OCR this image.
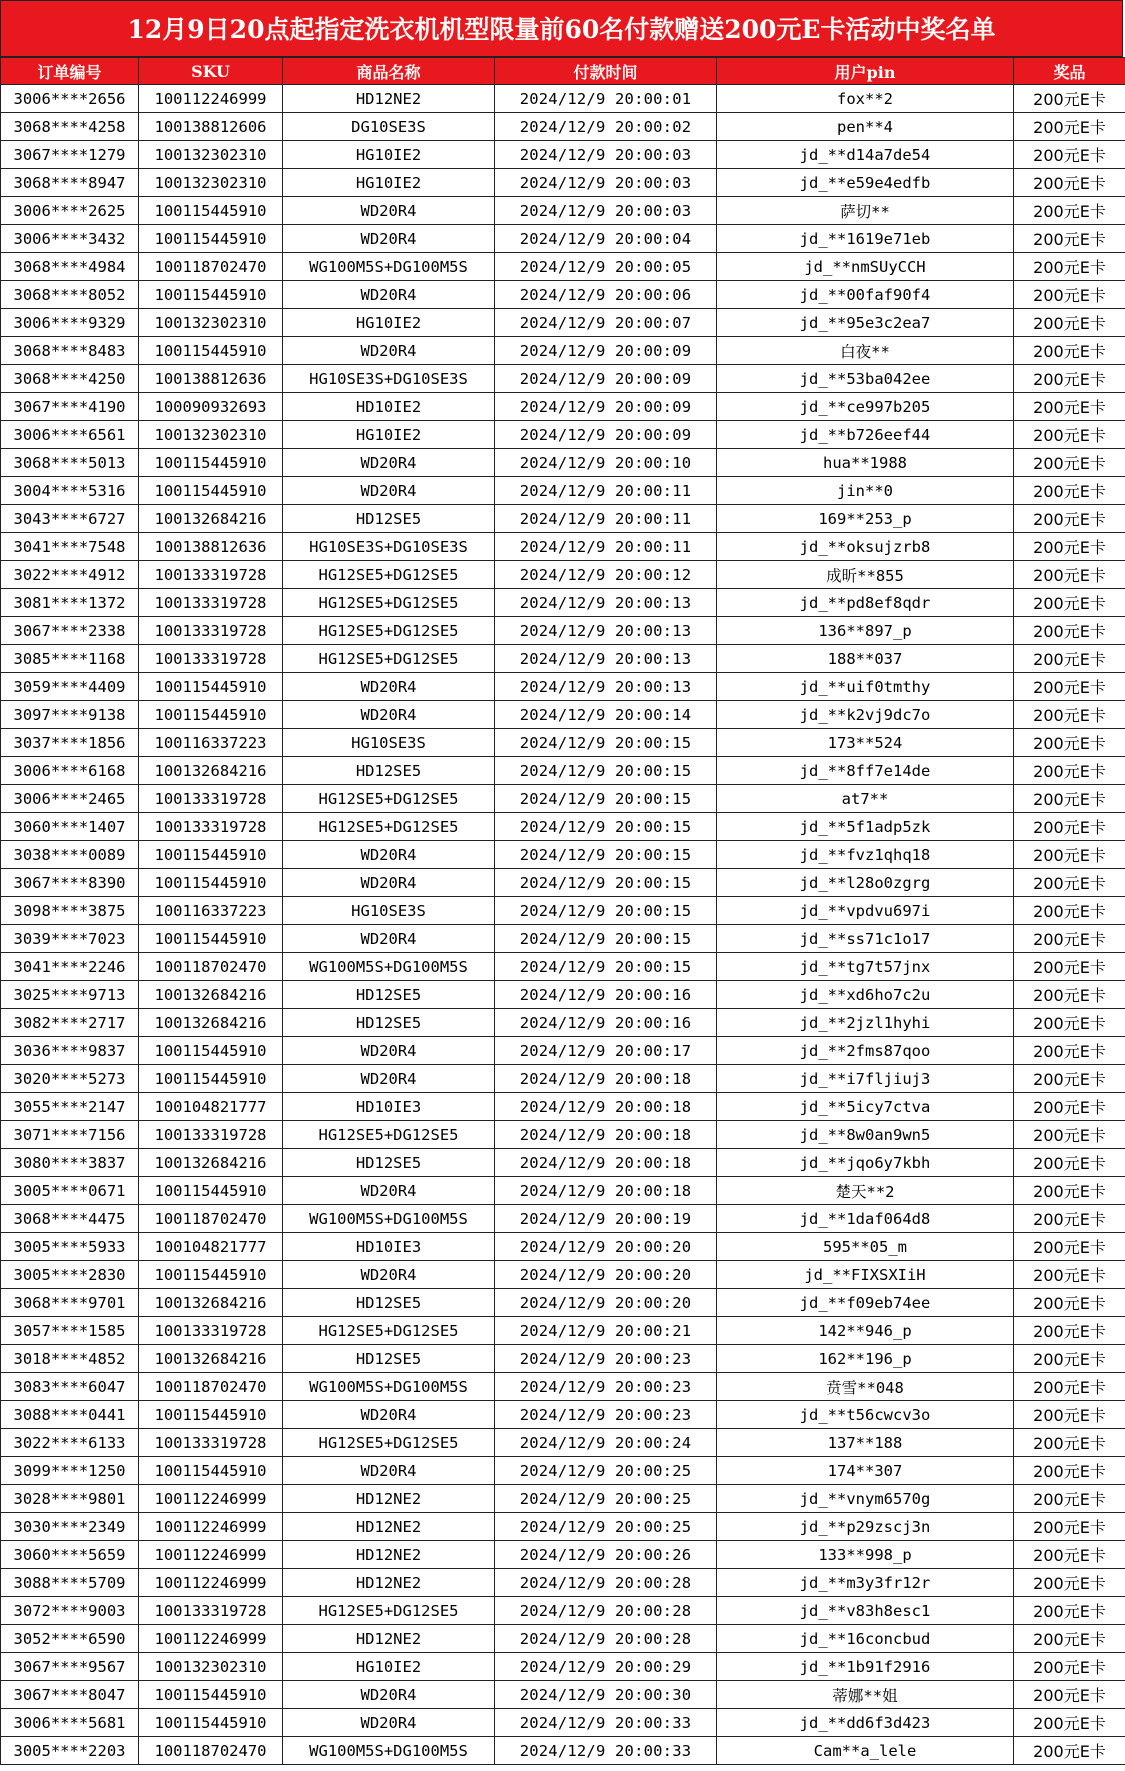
12月9日20点起指定洗衣机机型限量前60名付款赠送200元E卡活动中奖名单
订单编号	SKU	商品名称	付款时间	用户pin	奖品
3006****2656	100112246999	HD12NE2	2024/12/9 20:00:01	fox**2	200元E卡
3068****4258	100138812606	DG10SE3S	2024/12/9 20:00:02	pen**4	200元E卡
3067****1279	100132302310	HG10IE2	2024/12/9 20:00:03	jd_**d14a7de54	200元E卡
3068****8947	100132302310	HG10IE2	2024/12/9 20:00:03	jd_**e59e4edfb	200元E卡
3006****2625	100115445910	WD20R4	2024/12/9 20:00:03	萨切**	200元E卡
3006****3432	100115445910	WD20R4	2024/12/9 20:00:04	jd_**1619e71eb	200元E卡
3068****4984	100118702470	WG100M5S+DG100M5S	2024/12/9 20:00:05	jd_**nmSUyCCH	200元E卡
3068****8052	100115445910	WD20R4	2024/12/9 20:00:06	jd_**00faf90f4	200元E卡
3006****9329	100132302310	HG10IE2	2024/12/9 20:00:07	jd_**95e3c2ea7	200元E卡
3068****8483	100115445910	WD20R4	2024/12/9 20:00:09	白夜**	200元E卡
3068****4250	100138812636	HG10SE3S+DG10SE3S	2024/12/9 20:00:09	jd_**53ba042ee	200元E卡
3067****4190	100090932693	HD10IE2	2024/12/9 20:00:09	jd_**ce997b205	200元E卡
3006****6561	100132302310	HG10IE2	2024/12/9 20:00:09	jd_**b726eef44	200元E卡
3068****5013	100115445910	WD20R4	2024/12/9 20:00:10	hua**1988	200元E卡
3004****5316	100115445910	WD20R4	2024/12/9 20:00:11	jin**0	200元E卡
3043****6727	100132684216	HD12SE5	2024/12/9 20:00:11	169**253_p	200元E卡
3041****7548	100138812636	HG10SE3S+DG10SE3S	2024/12/9 20:00:11	jd_**oksujzrb8	200元E卡
3022****4912	100133319728	HG12SE5+DG12SE5	2024/12/9 20:00:12	成昕**855	200元E卡
3081****1372	100133319728	HG12SE5+DG12SE5	2024/12/9 20:00:13	jd_**pd8ef8qdr	200元E卡
3067****2338	100133319728	HG12SE5+DG12SE5	2024/12/9 20:00:13	136**897_p	200元E卡
3085****1168	100133319728	HG12SE5+DG12SE5	2024/12/9 20:00:13	188**037	200元E卡
3059****4409	100115445910	WD20R4	2024/12/9 20:00:13	jd_**uif0tmthy	200元E卡
3097****9138	100115445910	WD20R4	2024/12/9 20:00:14	jd_**k2vj9dc7o	200元E卡
3037****1856	100116337223	HG10SE3S	2024/12/9 20:00:15	173**524	200元E卡
3006****6168	100132684216	HD12SE5	2024/12/9 20:00:15	jd_**8ff7e14de	200元E卡
3006****2465	100133319728	HG12SE5+DG12SE5	2024/12/9 20:00:15	at7**	200元E卡
3060****1407	100133319728	HG12SE5+DG12SE5	2024/12/9 20:00:15	jd_**5f1adp5zk	200元E卡
3038****0089	100115445910	WD20R4	2024/12/9 20:00:15	jd_**fvz1qhq18	200元E卡
3067****8390	100115445910	WD20R4	2024/12/9 20:00:15	jd_**l28o0zgrg	200元E卡
3098****3875	100116337223	HG10SE3S	2024/12/9 20:00:15	jd_**vpdvu697i	200元E卡
3039****7023	100115445910	WD20R4	2024/12/9 20:00:15	jd_**ss71c1o17	200元E卡
3041****2246	100118702470	WG100M5S+DG100M5S	2024/12/9 20:00:15	jd_**tg7t57jnx	200元E卡
3025****9713	100132684216	HD12SE5	2024/12/9 20:00:16	jd_**xd6ho7c2u	200元E卡
3082****2717	100132684216	HD12SE5	2024/12/9 20:00:16	jd_**2jzl1hyhi	200元E卡
3036****9837	100115445910	WD20R4	2024/12/9 20:00:17	jd_**2fms87qoo	200元E卡
3020****5273	100115445910	WD20R4	2024/12/9 20:00:18	jd_**i7fljiuj3	200元E卡
3055****2147	100104821777	HD10IE3	2024/12/9 20:00:18	jd_**5icy7ctva	200元E卡
3071****7156	100133319728	HG12SE5+DG12SE5	2024/12/9 20:00:18	jd_**8w0an9wn5	200元E卡
3080****3837	100132684216	HD12SE5	2024/12/9 20:00:18	jd_**jqo6y7kbh	200元E卡
3005****0671	100115445910	WD20R4	2024/12/9 20:00:18	楚天**2	200元E卡
3068****4475	100118702470	WG100M5S+DG100M5S	2024/12/9 20:00:19	jd_**1daf064d8	200元E卡
3005****5933	100104821777	HD10IE3	2024/12/9 20:00:20	595**05_m	200元E卡
3005****2830	100115445910	WD20R4	2024/12/9 20:00:20	jd_**FIXSXIiH	200元E卡
3068****9701	100132684216	HD12SE5	2024/12/9 20:00:20	jd_**f09eb74ee	200元E卡
3057****1585	100133319728	HG12SE5+DG12SE5	2024/12/9 20:00:21	142**946_p	200元E卡
3018****4852	100132684216	HD12SE5	2024/12/9 20:00:23	162**196_p	200元E卡
3083****6047	100118702470	WG100M5S+DG100M5S	2024/12/9 20:00:23	贲雪**048	200元E卡
3088****0441	100115445910	WD20R4	2024/12/9 20:00:23	jd_**t56cwcv3o	200元E卡
3022****6133	100133319728	HG12SE5+DG12SE5	2024/12/9 20:00:24	137**188	200元E卡
3099****1250	100115445910	WD20R4	2024/12/9 20:00:25	174**307	200元E卡
3028****9801	100112246999	HD12NE2	2024/12/9 20:00:25	jd_**vnym6570g	200元E卡
3030****2349	100112246999	HD12NE2	2024/12/9 20:00:25	jd_**p29zscj3n	200元E卡
3060****5659	100112246999	HD12NE2	2024/12/9 20:00:26	133**998_p	200元E卡
3088****5709	100112246999	HD12NE2	2024/12/9 20:00:28	jd_**m3y3fr12r	200元E卡
3072****9003	100133319728	HG12SE5+DG12SE5	2024/12/9 20:00:28	jd_**v83h8esc1	200元E卡
3052****6590	100112246999	HD12NE2	2024/12/9 20:00:28	jd_**16concbud	200元E卡
3067****9567	100132302310	HG10IE2	2024/12/9 20:00:29	jd_**1b91f2916	200元E卡
3067****8047	100115445910	WD20R4	2024/12/9 20:00:30	蒂娜**姐	200元E卡
3006****5681	100115445910	WD20R4	2024/12/9 20:00:33	jd_**dd6f3d423	200元E卡
3005****2203	100118702470	WG100M5S+DG100M5S	2024/12/9 20:00:33	Cam**a_lele	200元E卡
